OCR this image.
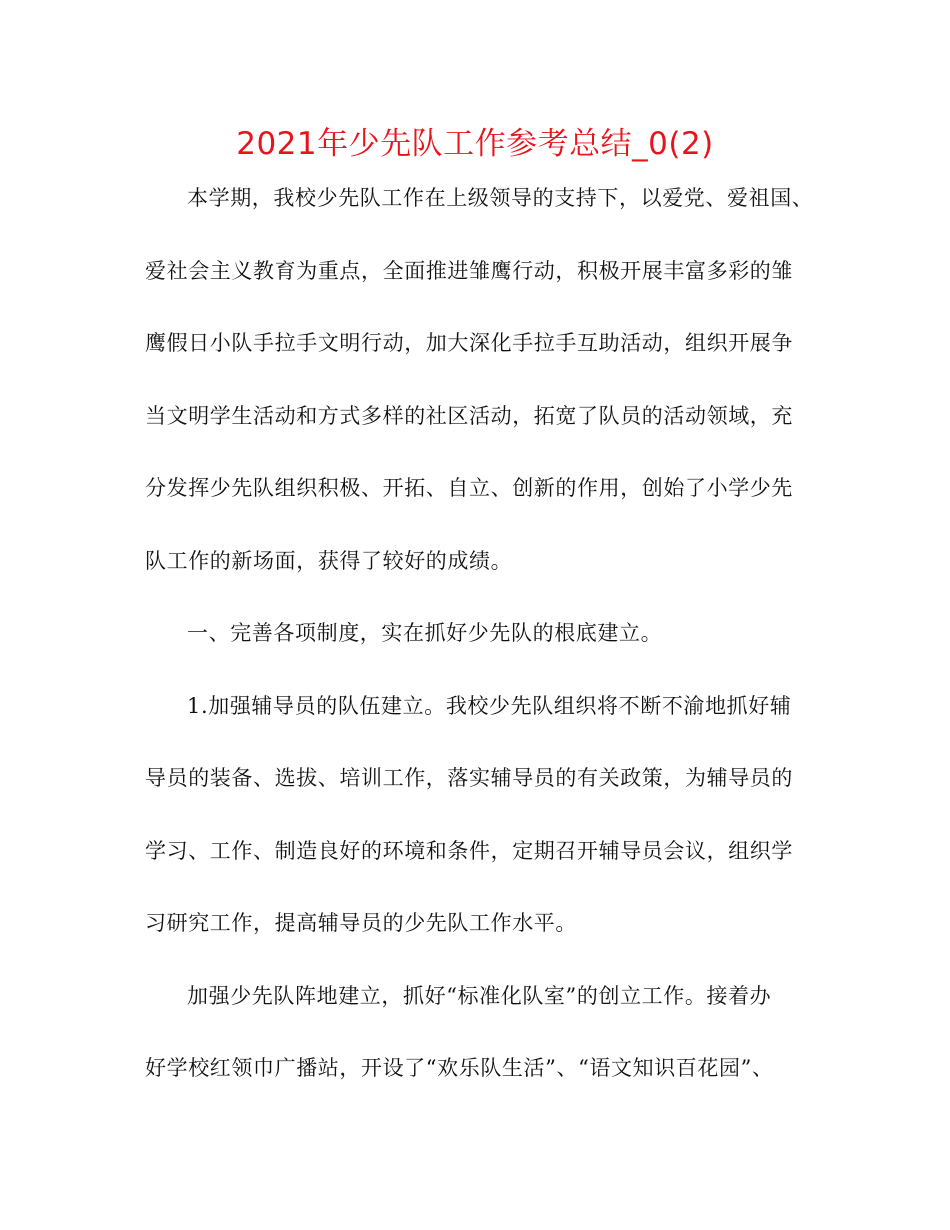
2021年少先队工作参考总结_0(2)
本学期，我校少先队工作在上级领导的支持下，以爱党、爱祖国、
爱社会主义教育为重点，全面推进雏鹰行动，积极开展丰富多彩的雏
鹰假日小队手拉手文明行动，加大深化手拉手互助活动，组织开展争
当文明学生活动和方式多样的社区活动，拓宽了队员的活动领域，充
分发挥少先队组织积极、开拓、自立、创新的作用，创始了小学少先
队工作的新场面，获得了较好的成绩。
一、完善各项制度，实在抓好少先队的根底建立。
1.加强辅导员的队伍建立。我校少先队组织将不断不渝地抓好辅
导员的装备、选拔、培训工作，落实辅导员的有关政策，为辅导员的
学习、工作、制造良好的环境和条件，定期召开辅导员会议，组织学
习研究工作，提高辅导员的少先队工作水平。
加强少先队阵地建立，抓好“标准化队室”的创立工作。接着办
好学校红领巾广播站，开设了“欢乐队生活”、“语文知识百花园”、
